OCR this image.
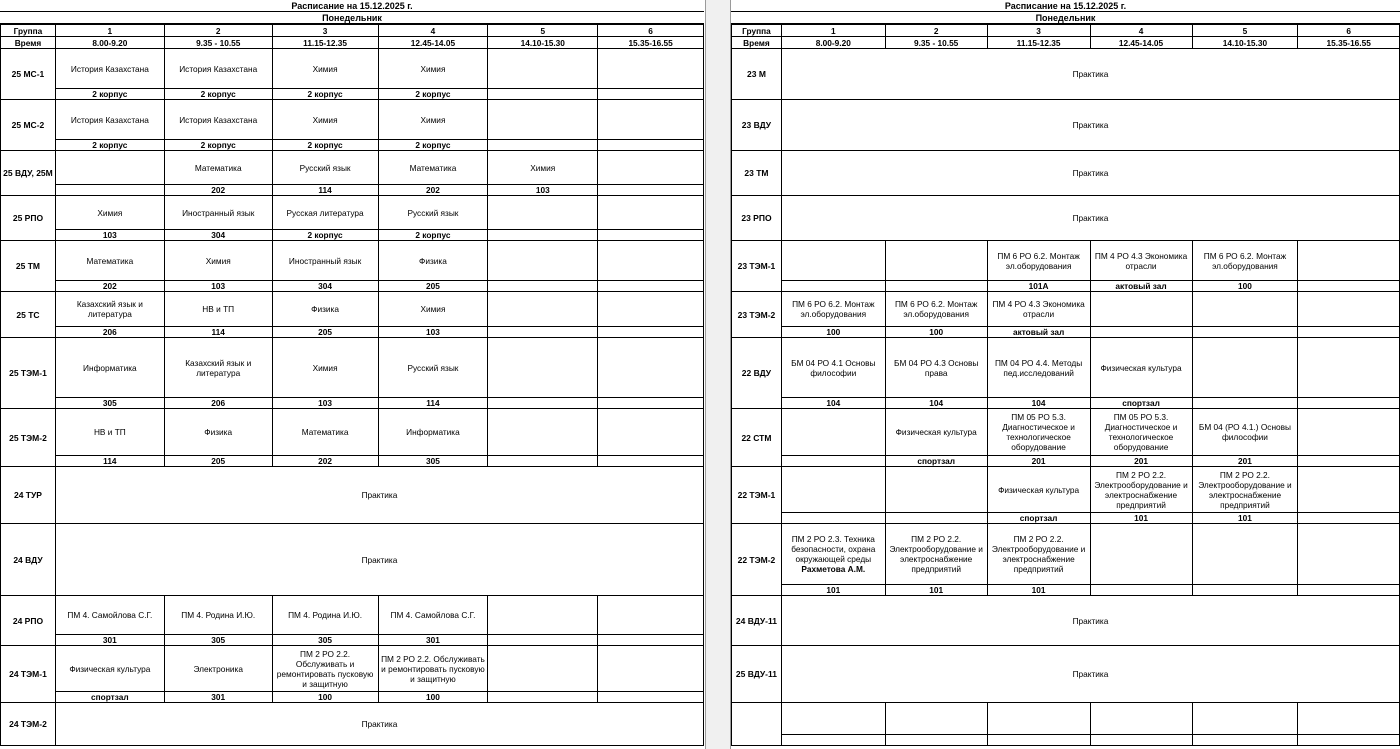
Расписание на 15.12.2025 г.
Понедельник
Группа	1	2	3	4	5	6
Время	8.00-9.20	9.35 - 10.55	11.15-12.35	12.45-14.05	14.10-15.30	15.35-16.55
25 МС-1	История Казахстана	История Казахстана	Химия	Химия		

	2 корпус	2 корпус	2 корпус	2 корпус		
25 МС-2	История Казахстана	История Казахстана	Химия	Химия		

	2 корпус	2 корпус	2 корпус	2 корпус		
25 ВДУ, 25М		Математика	Русский язык	Математика	Химия	

		202	114	202	103	
25 РПО	Химия	Иностранный язык	Русская литература	Русский язык		

	103	304	2 корпус	2 корпус		
25 ТМ	Математика	Химия	Иностранный язык	Физика		

	202	103	304	205		
25 ТС	Казахский язык и литература	НВ и ТП	Физика	Химия		

	206	114	205	103		
25 ТЭМ-1	Информатика	Казахский язык и литература	Химия	Русский язык		

	305	206	103	114		
25 ТЭМ-2	НВ и ТП	Физика	Математика	Информатика		

	114	205	202	305		
24 ТУР	Практика					

24 ВДУ	Практика					

24 РПО	ПМ 4. Самойлова С.Г.	ПМ 4. Родина И.Ю.	ПМ 4. Родина И.Ю.	ПМ 4. Самойлова С.Г.		

	301	305	305	301		
24 ТЭМ-1	Физическая культура	Электроника	ПМ 2 РО 2.2. Обслуживать и ремонтировать пусковую и защитную	ПМ 2 РО 2.2. Обслуживать и ремонтировать пусковую и защитную		

	спортзал	301	100	100		
24 ТЭМ-2	Практика					

Расписание на 15.12.2025 г.
Понедельник
Группа	1	2	3	4	5	6
Время	8.00-9.20	9.35 - 10.55	11.15-12.35	12.45-14.05	14.10-15.30	15.35-16.55
23 М	Практика					

23 ВДУ	Практика					

23 ТМ	Практика					

23 РПО	Практика					

23 ТЭМ-1			ПМ 6 РО 6.2. Монтаж эл.оборудования	ПМ 4 РО 4.3 Экономика отрасли	ПМ 6 РО 6.2. Монтаж эл.оборудования	

			101А	актовый зал	100	
23 ТЭМ-2	ПМ 6 РО 6.2. Монтаж эл.оборудования	ПМ 6 РО 6.2. Монтаж эл.оборудования	ПМ 4 РО 4.3 Экономика отрасли			

	100	100	актовый зал			
22 ВДУ	БМ 04 РО 4.1 Основы философии	БМ 04 РО 4.3 Основы права	ПМ 04 РО 4.4. Методы пед.исследований	Физическая культура		

	104	104	104	спортзал		
22 СТМ		Физическая культура	ПМ 05 РО 5.3. Диагностическое и технологическое оборудование	ПМ 05 РО 5.3. Диагностическое и технологическое оборудование	БМ 04 (РО 4.1.) Основы философии	

		спортзал	201	201	201	
22 ТЭМ-1			Физическая культура	ПМ 2 РО 2.2. Электрооборудование и электроснабжение предприятий	ПМ 2 РО 2.2. Электрооборудование и электроснабжение предприятий	

			спортзал	101	101	
22 ТЭМ-2	ПМ 2 РО 2.3. Техника безопасности, охрана окружающей среды
Рахметова А.М.	ПМ 2 РО 2.2. Электрооборудование и электроснабжение предприятий	ПМ 2 РО 2.2. Электрооборудование и электроснабжение предприятий			

	101	101	101			
24 ВДУ-11	Практика					

25 ВДУ-11	Практика					
